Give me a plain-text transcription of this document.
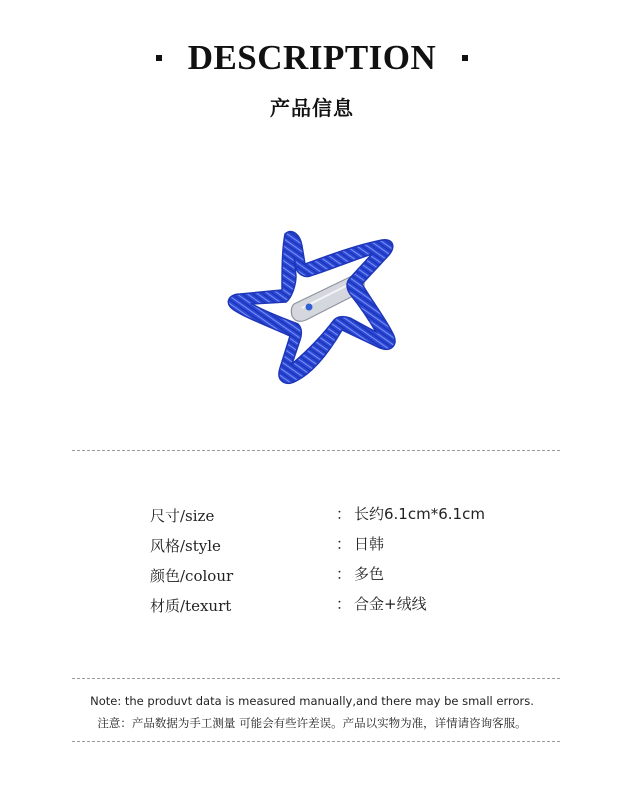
DESCRIPTION
产品信息
尺寸/size	： 长约6.1cm*6.1cm
风格/style	： 日韩
颜色/colour	： 多色
材质/texurt	： 合金+绒线
Note: the produvt data is measured manually,and there may be small errors.
注意：产品数据为手工测量 可能会有些许差误。产品以实物为准，详情请咨询客服。
